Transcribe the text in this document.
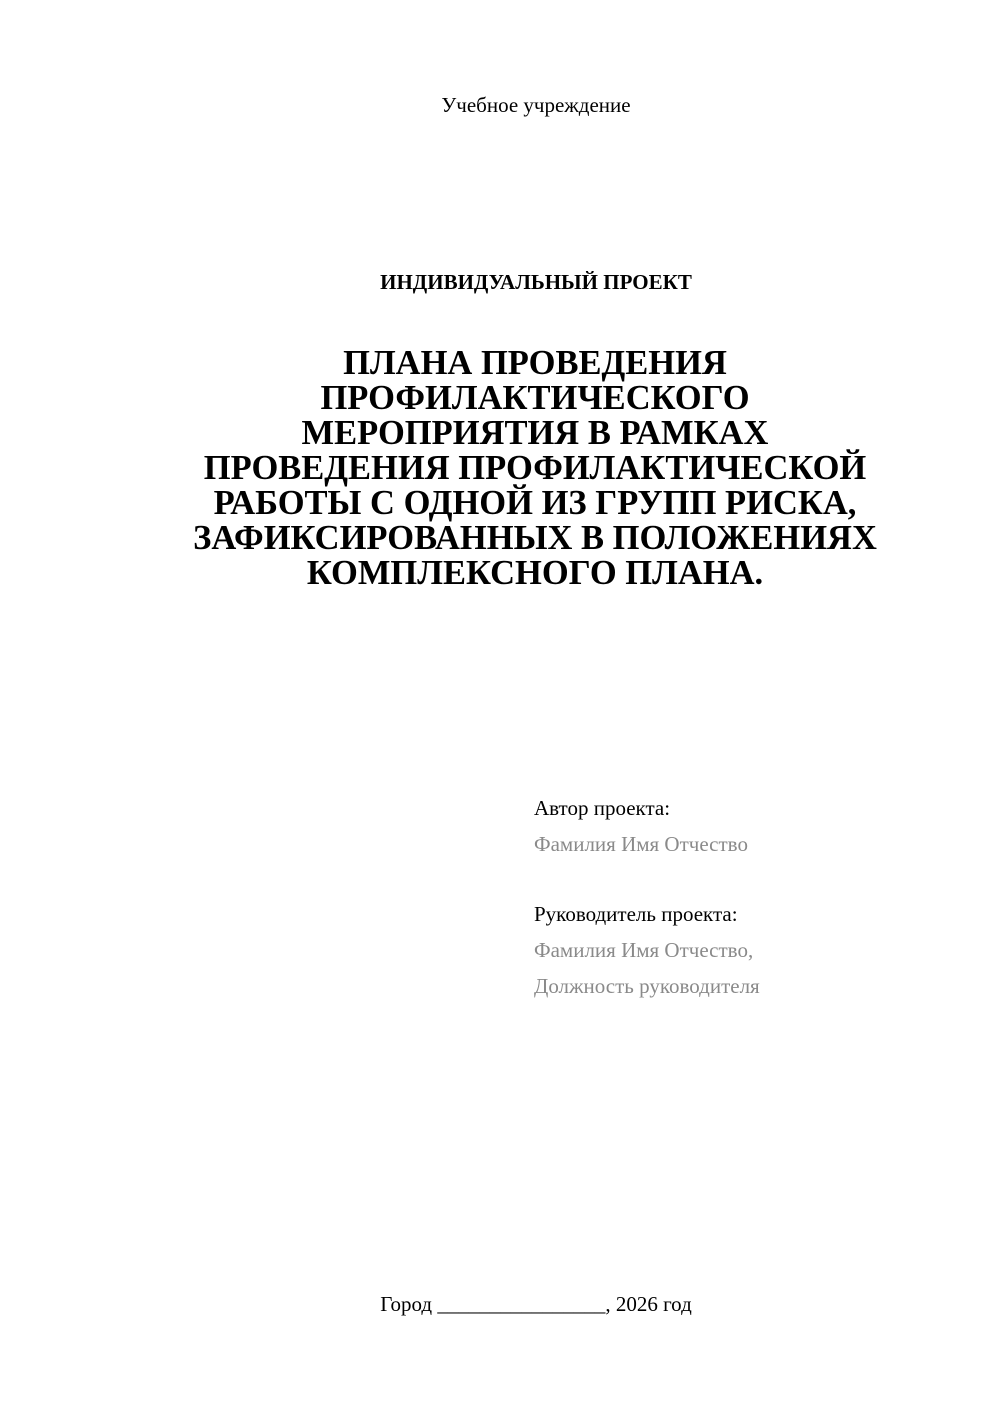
Учебное учреждение
ИНДИВИДУАЛЬНЫЙ ПРОЕКТ
ПЛАНА ПРОВЕДЕНИЯ
ПРОФИЛАКТИЧЕСКОГО
МЕРОПРИЯТИЯ В РАМКАХ
ПРОВЕДЕНИЯ ПРОФИЛАКТИЧЕСКОЙ
РАБОТЫ С ОДНОЙ ИЗ ГРУПП РИСКА,
ЗАФИКСИРОВАННЫХ В ПОЛОЖЕНИЯХ
КОМПЛЕКСНОГО ПЛАНА.
Автор проекта:
Фамилия Имя Отчество
Руководитель проекта:
Фамилия Имя Отчество,
Должность руководителя
Город ________________, 2026 год
